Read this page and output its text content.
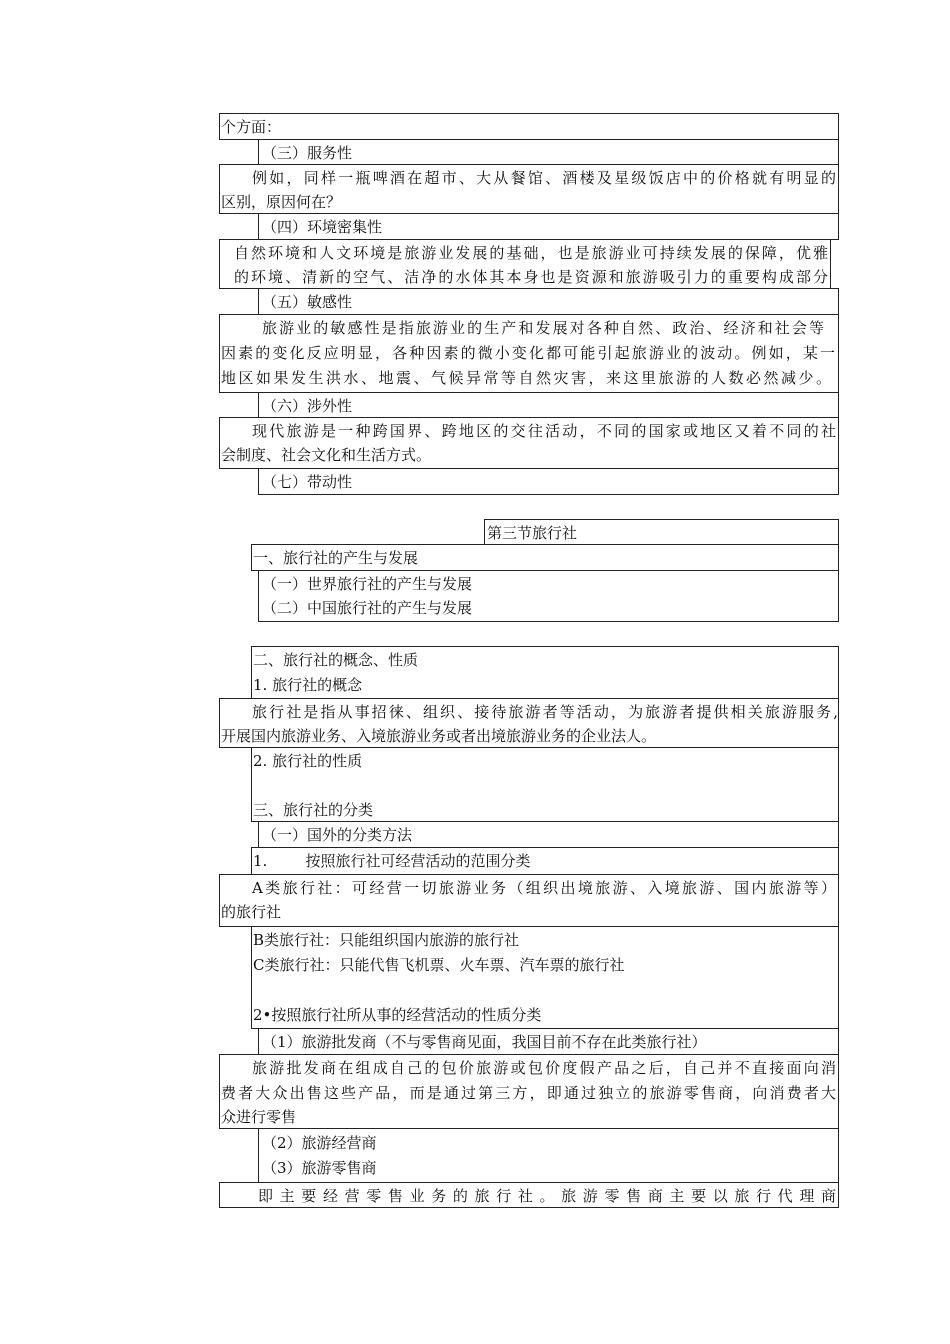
个方面：
（三）服务性
例如，同样一瓶啤酒在超市、大从餐馆、酒楼及星级饭店中的价格就有明显的
区别，原因何在？
（四）环境密集性
自然环境和人文环境是旅游业发展的基础，也是旅游业可持续发展的保障，优雅
的环境、清新的空气、洁净的水体其本身也是资源和旅游吸引力的重要构成部分
（五）敏感性
旅游业的敏感性是指旅游业的生产和发展对各种自然、政治、经济和社会等
因素的变化反应明显，各种因素的微小变化都可能引起旅游业的波动。例如，某一
地区如果发生洪水、地震、气候异常等自然灾害，来这里旅游的人数必然减少。
（六）涉外性
现代旅游是一种跨国界、跨地区的交往活动，不同的国家或地区又着不同的社
会制度、社会文化和生活方式。
（七）带动性
第三节旅行社
一、旅行社的产生与发展
（一）世界旅行社的产生与发展
（二）中国旅行社的产生与发展
二、旅行社的概念、性质
1. 旅行社的概念
旅行社是指从事招徕、组织、接待旅游者等活动，为旅游者提供相关旅游服务,
开展国内旅游业务、入境旅游业务或者出境旅游业务的企业法人。
2. 旅行社的性质
三、旅行社的分类
（一）国外的分类方法
1.        按照旅行社可经营活动的范围分类
A类旅行社：可经营一切旅游业务（组织出境旅游、入境旅游、国内旅游等）
的旅行社
B类旅行社：只能组织国内旅游的旅行社
C类旅行社：只能代售飞机票、火车票、汽车票的旅行社
2•按照旅行社所从事的经营活动的性质分类
（1）旅游批发商（不与零售商见面，我国目前不存在此类旅行社）
旅游批发商在组成自己的包价旅游或包价度假产品之后，自己并不直接面向消
费者大众出售这些产品，而是通过第三方，即通过独立的旅游零售商，向消费者大
众进行零售
（2）旅游经营商
（3）旅游零售商
即主要经营零售业务的旅行社。旅游零售商主要以旅行代理商
